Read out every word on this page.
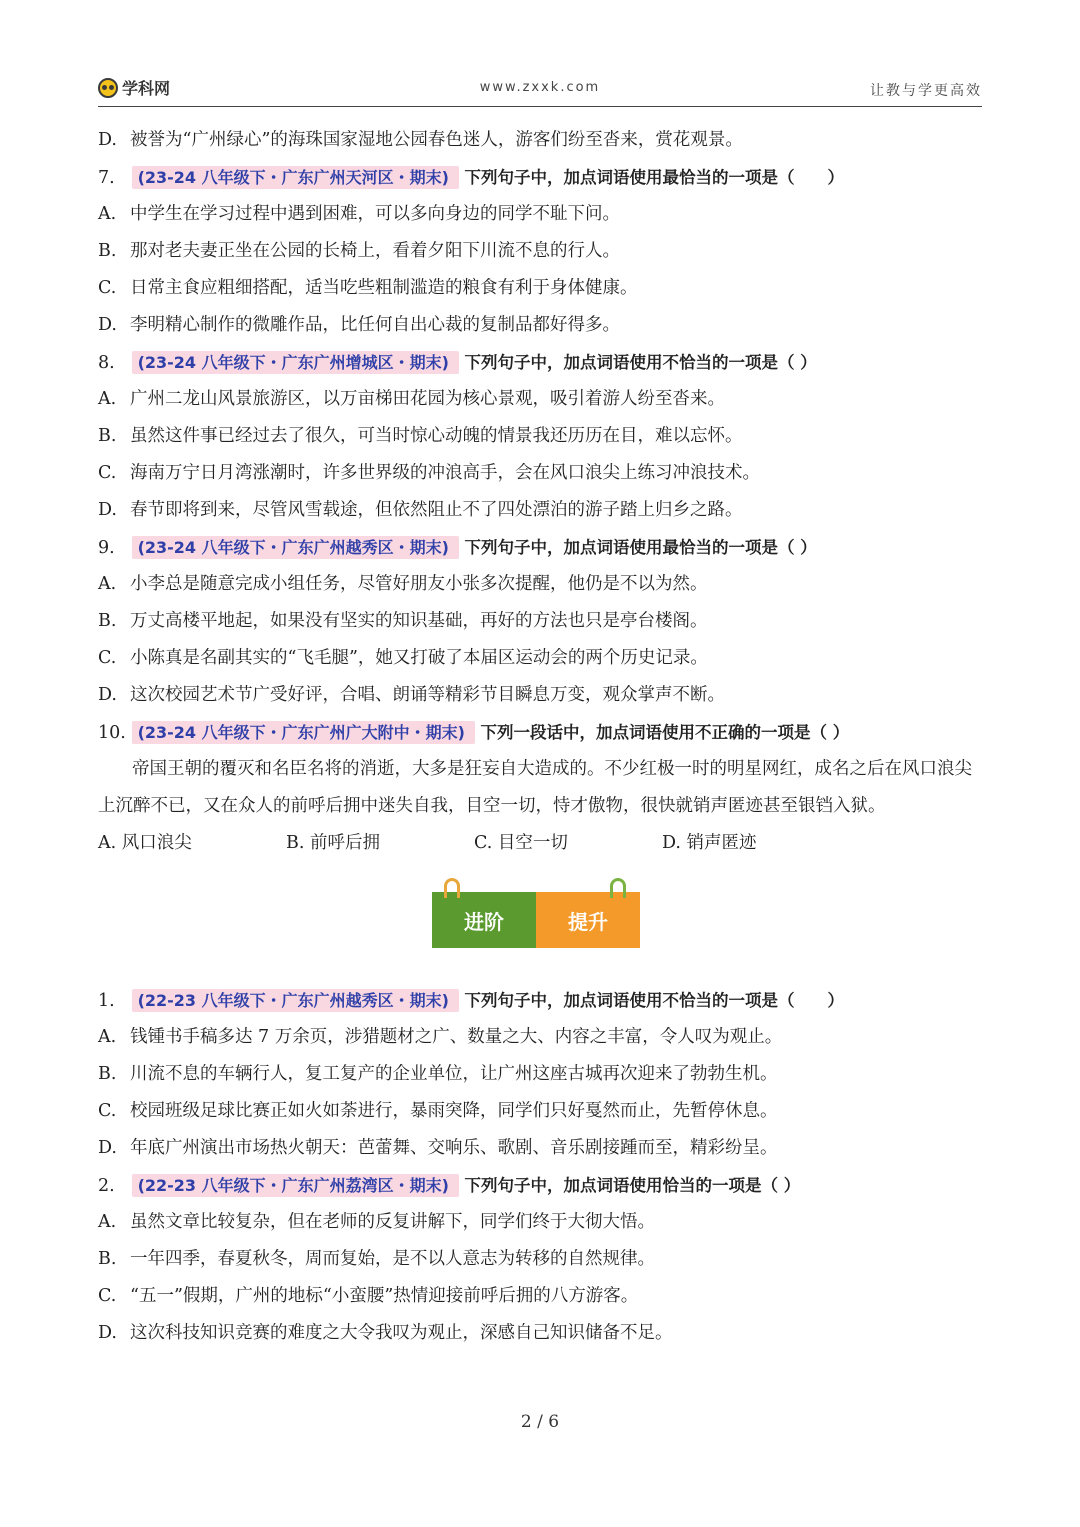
学科网	www.zxxk.com	让教与学更高效
D. 被誉为“广州绿心”的海珠国家湿地公园春色迷人，游客们纷至沓来，赏花观景。
7. (23-24 八年级下・广东广州天河区・期末) 下列句子中，加点词语使用最恰当的一项是（　　）
A. 中学生在学习过程中遇到困难，可以多向身边的同学不耻下问。
B. 那对老夫妻正坐在公园的长椅上，看着夕阳下川流不息的行人。
C. 日常主食应粗细搭配，适当吃些粗制滥造的粮食有利于身体健康。
D. 李明精心制作的微雕作品，比任何自出心裁的复制品都好得多。
8. (23-24 八年级下・广东广州增城区・期末) 下列句子中，加点词语使用不恰当的一项是（ ）
A. 广州二龙山风景旅游区，以万亩梯田花园为核心景观，吸引着游人纷至沓来。
B. 虽然这件事已经过去了很久，可当时惊心动魄的情景我还历历在目，难以忘怀。
C. 海南万宁日月湾涨潮时，许多世界级的冲浪高手，会在风口浪尖上练习冲浪技术。
D. 春节即将到来，尽管风雪载途，但依然阻止不了四处漂泊的游子踏上归乡之路。
9. (23-24 八年级下・广东广州越秀区・期末) 下列句子中，加点词语使用最恰当的一项是（ ）
A. 小李总是随意完成小组任务，尽管好朋友小张多次提醒，他仍是不以为然。
B. 万丈高楼平地起，如果没有坚实的知识基础，再好的方法也只是亭台楼阁。
C. 小陈真是名副其实的“飞毛腿”，她又打破了本届区运动会的两个历史记录。
D. 这次校园艺术节广受好评，合唱、朗诵等精彩节目瞬息万变，观众掌声不断。
10. (23-24 八年级下・广东广州广大附中・期末) 下列一段话中，加点词语使用不正确的一项是（ ）
帝国王朝的覆灭和名臣名将的消逝，大多是狂妄自大造成的。不少红极一时的明星网红，成名之后在风口浪尖上沉醉不已，又在众人的前呼后拥中迷失自我，目空一切，恃才傲物，很快就销声匿迹甚至银铛入狱。
A. 风口浪尖	B. 前呼后拥	C. 目空一切	D. 销声匿迹
进阶	提升
1. (22-23 八年级下・广东广州越秀区・期末) 下列句子中，加点词语使用不恰当的一项是（　　）
A. 钱锺书手稿多达 7 万余页，涉猎题材之广、数量之大、内容之丰富，令人叹为观止。
B. 川流不息的车辆行人，复工复产的企业单位，让广州这座古城再次迎来了勃勃生机。
C. 校园班级足球比赛正如火如荼进行，暴雨突降，同学们只好戛然而止，先暂停休息。
D. 年底广州演出市场热火朝天：芭蕾舞、交响乐、歌剧、音乐剧接踵而至，精彩纷呈。
2. (22-23 八年级下・广东广州荔湾区・期末) 下列句子中，加点词语使用恰当的一项是（ ）
A. 虽然文章比较复杂，但在老师的反复讲解下，同学们终于大彻大悟。
B. 一年四季，春夏秋冬，周而复始，是不以人意志为转移的自然规律。
C. “五一”假期，广州的地标“小蛮腰”热情迎接前呼后拥的八方游客。
D. 这次科技知识竞赛的难度之大令我叹为观止，深感自己知识储备不足。
2 / 6
